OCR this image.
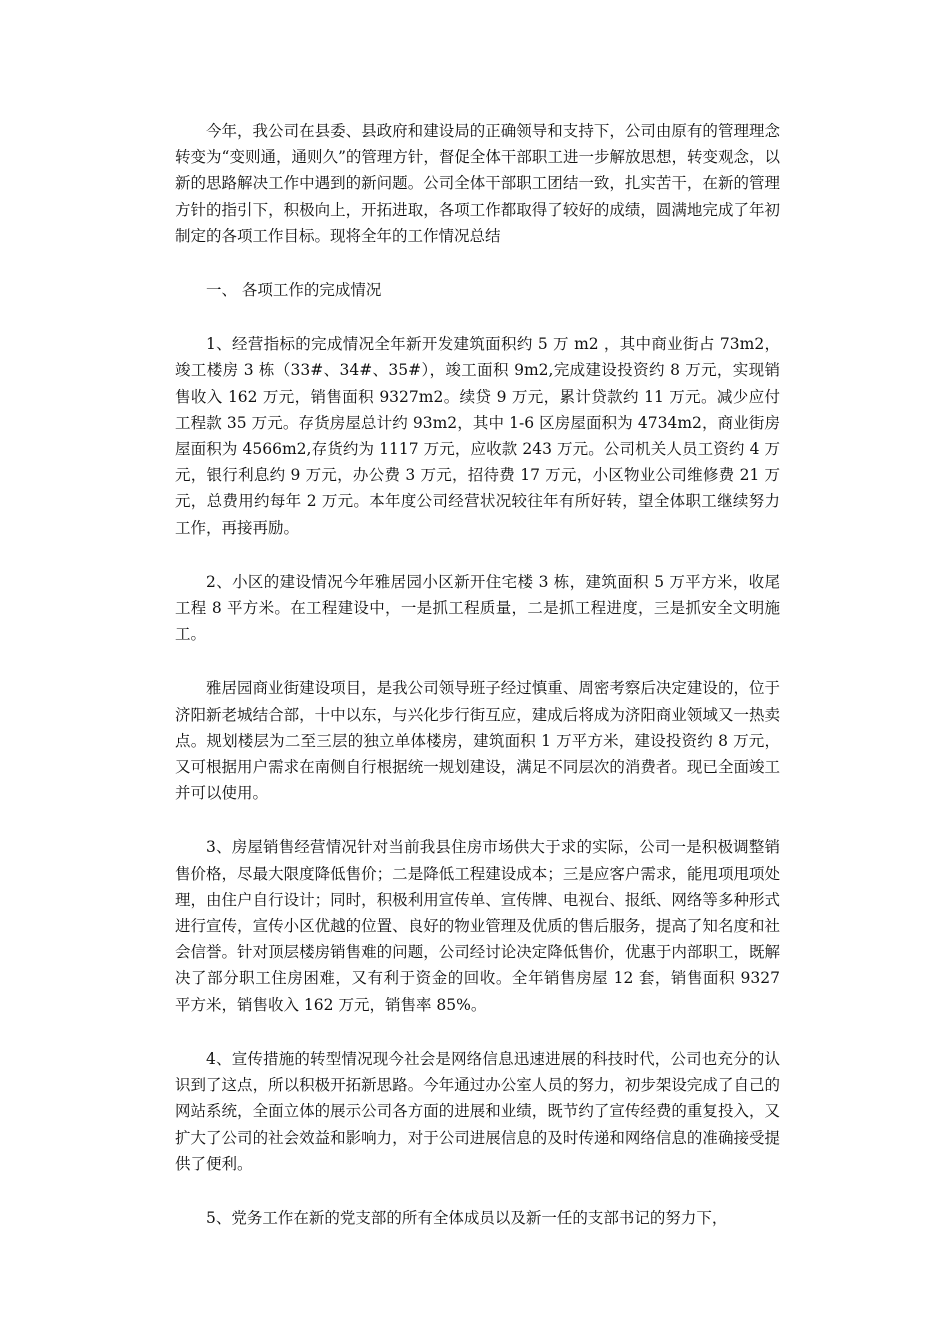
今年，我公司在县委、县政府和建设局的正确领导和支持下，公司由原有的管理理念转变为“变则通，通则久”的管理方针，督促全体干部职工进一步解放思想，转变观念，以新的思路解决工作中遇到的新问题。公司全体干部职工团结一致，扎实苦干，在新的管理方针的指引下，积极向上，开拓进取，各项工作都取得了较好的成绩，圆满地完成了年初制定的各项工作目标。现将全年的工作情况总结

一、 各项工作的完成情况

1、经营指标的完成情况全年新开发建筑面积约 5 万 m2 ，其中商业街占 73m2，竣工楼房 3 栋（33#、34#、35#），竣工面积 9m2,完成建设投资约 8 万元，实现销售收入 162 万元，销售面积 9327m2。续贷 9 万元，累计贷款约 11 万元。减少应付工程款 35 万元。存货房屋总计约 93m2，其中 1-6 区房屋面积为 4734m2，商业街房屋面积为 4566m2,存货约为 1117 万元，应收款 243 万元。公司机关人员工资约 4 万元，银行利息约 9 万元，办公费 3 万元，招待费 17 万元，小区物业公司维修费 21 万元，总费用约每年 2 万元。本年度公司经营状况较往年有所好转，望全体职工继续努力工作，再接再励。

2、小区的建设情况今年雅居园小区新开住宅楼 3 栋，建筑面积 5 万平方米，收尾工程 8 平方米。在工程建设中，一是抓工程质量，二是抓工程进度，三是抓安全文明施工。

雅居园商业街建设项目，是我公司领导班子经过慎重、周密考察后决定建设的，位于济阳新老城结合部，十中以东，与兴化步行街互应，建成后将成为济阳商业领域又一热卖点。规划楼层为二至三层的独立单体楼房，建筑面积 1 万平方米，建设投资约 8 万元，又可根据用户需求在南侧自行根据统一规划建设，满足不同层次的消费者。现已全面竣工并可以使用。

3、房屋销售经营情况针对当前我县住房市场供大于求的实际，公司一是积极调整销售价格，尽最大限度降低售价；二是降低工程建设成本；三是应客户需求，能甩项甩项处理，由住户自行设计；同时，积极利用宣传单、宣传牌、电视台、报纸、网络等多种形式进行宣传，宣传小区优越的位置、良好的物业管理及优质的售后服务，提高了知名度和社会信誉。针对顶层楼房销售难的问题，公司经讨论决定降低售价，优惠于内部职工，既解决了部分职工住房困难，又有利于资金的回收。全年销售房屋 12 套，销售面积 9327 平方米，销售收入 162 万元，销售率 85%。

4、宣传措施的转型情况现今社会是网络信息迅速进展的科技时代，公司也充分的认识到了这点，所以积极开拓新思路。今年通过办公室人员的努力，初步架设完成了自己的网站系统，全面立体的展示公司各方面的进展和业绩，既节约了宣传经费的重复投入，又扩大了公司的社会效益和影响力，对于公司进展信息的及时传递和网络信息的准确接受提供了便利。

5、党务工作在新的党支部的所有全体成员以及新一任的支部书记的努力下，
